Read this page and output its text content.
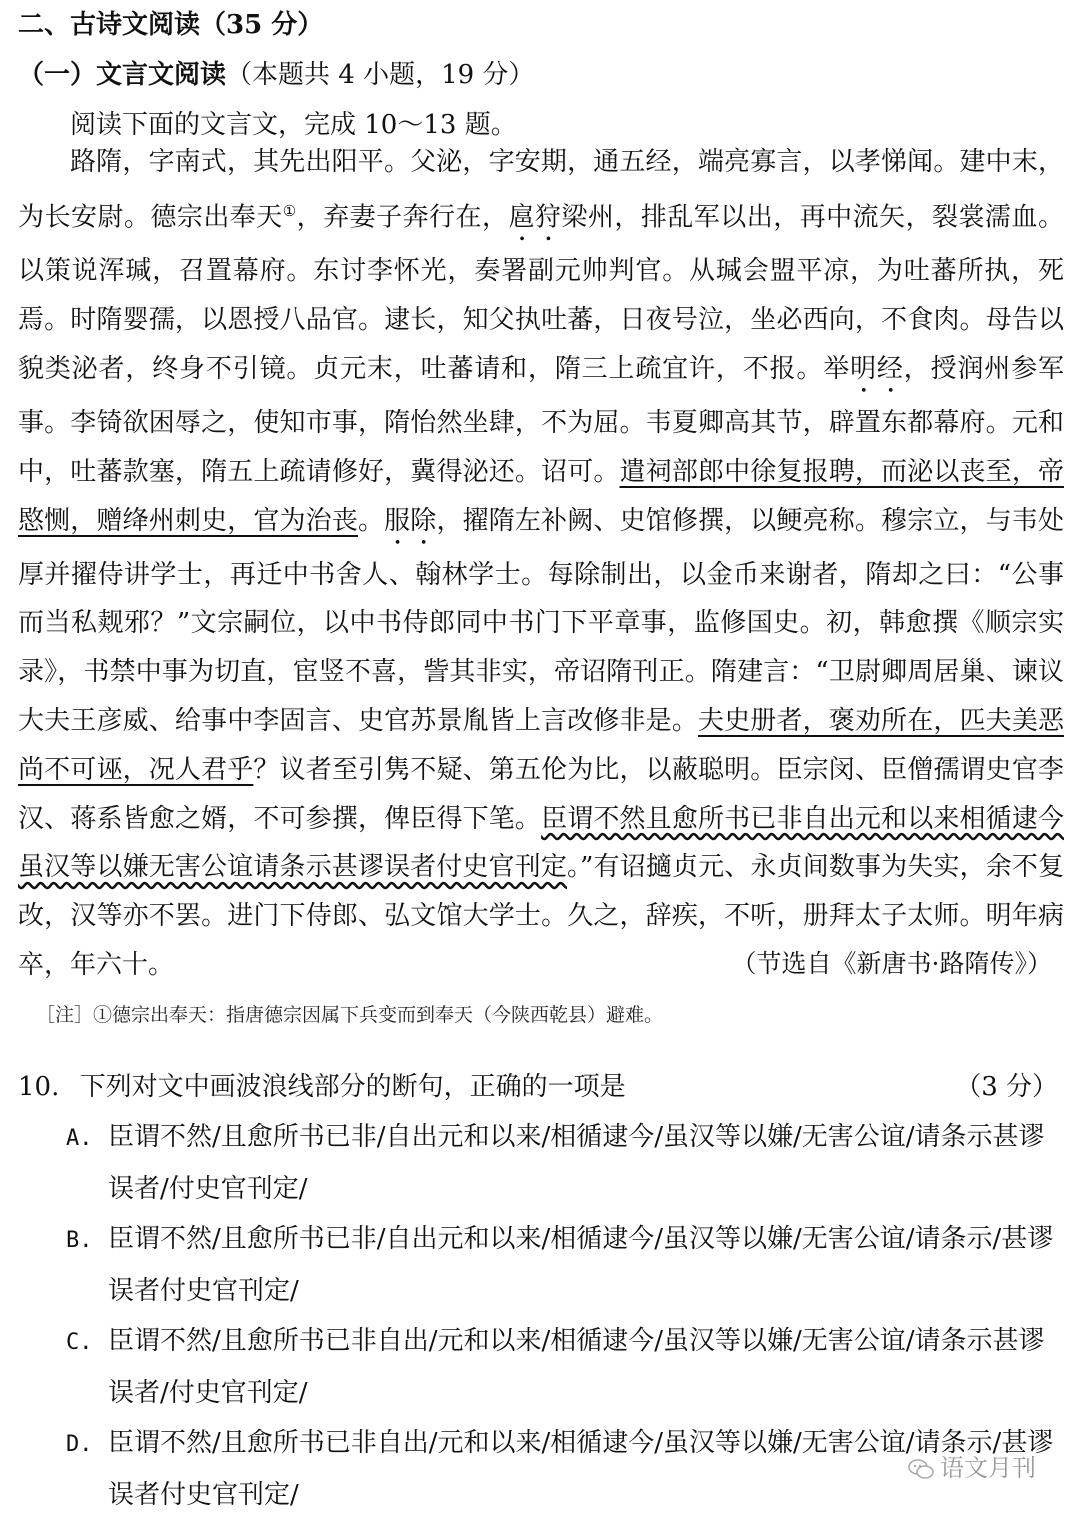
二、古诗文阅读（35 分）
（一）文言文阅读（本题共 4 小题，19 分）
阅读下面的文言文，完成 10～13 题。

路隋，字南式，其先出阳平。父泌，字安期，通五经，端亮寡言，以孝悌闻。建中末，为长安尉。德宗出奉天①，弃妻子奔行在，扈狩梁州，排乱军以出，再中流矢，裂裳濡血。以策说浑瑊，召置幕府。东讨李怀光，奏署副元帅判官。从瑊会盟平凉，为吐蕃所执，死焉。时隋婴孺，以恩授八品官。逮长，知父执吐蕃，日夜号泣，坐必西向，不食肉。母告以貌类泌者，终身不引镜。贞元末，吐蕃请和，隋三上疏宜许，不报。举明经，授润州参军事。李锜欲困辱之，使知市事，隋怡然坐肆，不为屈。韦夏卿高其节，辟置东都幕府。元和中，吐蕃款塞，隋五上疏请修好，冀得泌还。诏可。遣祠部郎中徐复报聘，而泌以丧至，帝愍恻，赠绛州刺史，官为治丧。服除，擢隋左补阙、史馆修撰，以鲠亮称。穆宗立，与韦处厚并擢侍讲学士，再迁中书舍人、翰林学士。每除制出，以金币来谢者，隋却之曰：“公事而当私觌邪？”文宗嗣位，以中书侍郎同中书门下平章事，监修国史。初，韩愈撰《顺宗实录》，书禁中事为切直，宦竖不喜，訾其非实，帝诏隋刊正。隋建言：“卫尉卿周居巢、谏议大夫王彦威、给事中李固言、史官苏景胤皆上言改修非是。夫史册者，褒劝所在，匹夫美恶尚不可诬，况人君乎？议者至引隽不疑、第五伦为比，以蔽聪明。臣宗闵、臣僧孺谓史官李汉、蒋系皆愈之婿，不可参撰，俾臣得下笔。臣谓不然且愈所书已非自出元和以来相循逮今虽汉等以嫌无害公谊请条示甚谬误者付史官刊定。”有诏擿贞元、永贞间数事为失实，余不复改，汉等亦不罢。进门下侍郎、弘文馆大学士。久之，辞疾，不听，册拜太子太师。明年病卒，年六十。	（节选自《新唐书·路隋传》）
［注］①德宗出奉天：指唐德宗因属下兵变而到奉天（今陕西乾县）避难。
10. 下列对文中画波浪线部分的断句，正确的一项是	（3 分）
A. 臣谓不然/且愈所书已非/自出元和以来/相循逮今/虽汉等以嫌/无害公谊/请条示甚谬
误者/付史官刊定/
B. 臣谓不然/且愈所书已非/自出元和以来/相循逮今/虽汉等以嫌/无害公谊/请条示/甚谬
误者付史官刊定/
C. 臣谓不然/且愈所书已非自出/元和以来/相循逮今/虽汉等以嫌/无害公谊/请条示甚谬
误者/付史官刊定/
D. 臣谓不然/且愈所书已非自出/元和以来/相循逮今/虽汉等以嫌/无害公谊/请条示/甚谬
误者付史官刊定/
语文月刊
